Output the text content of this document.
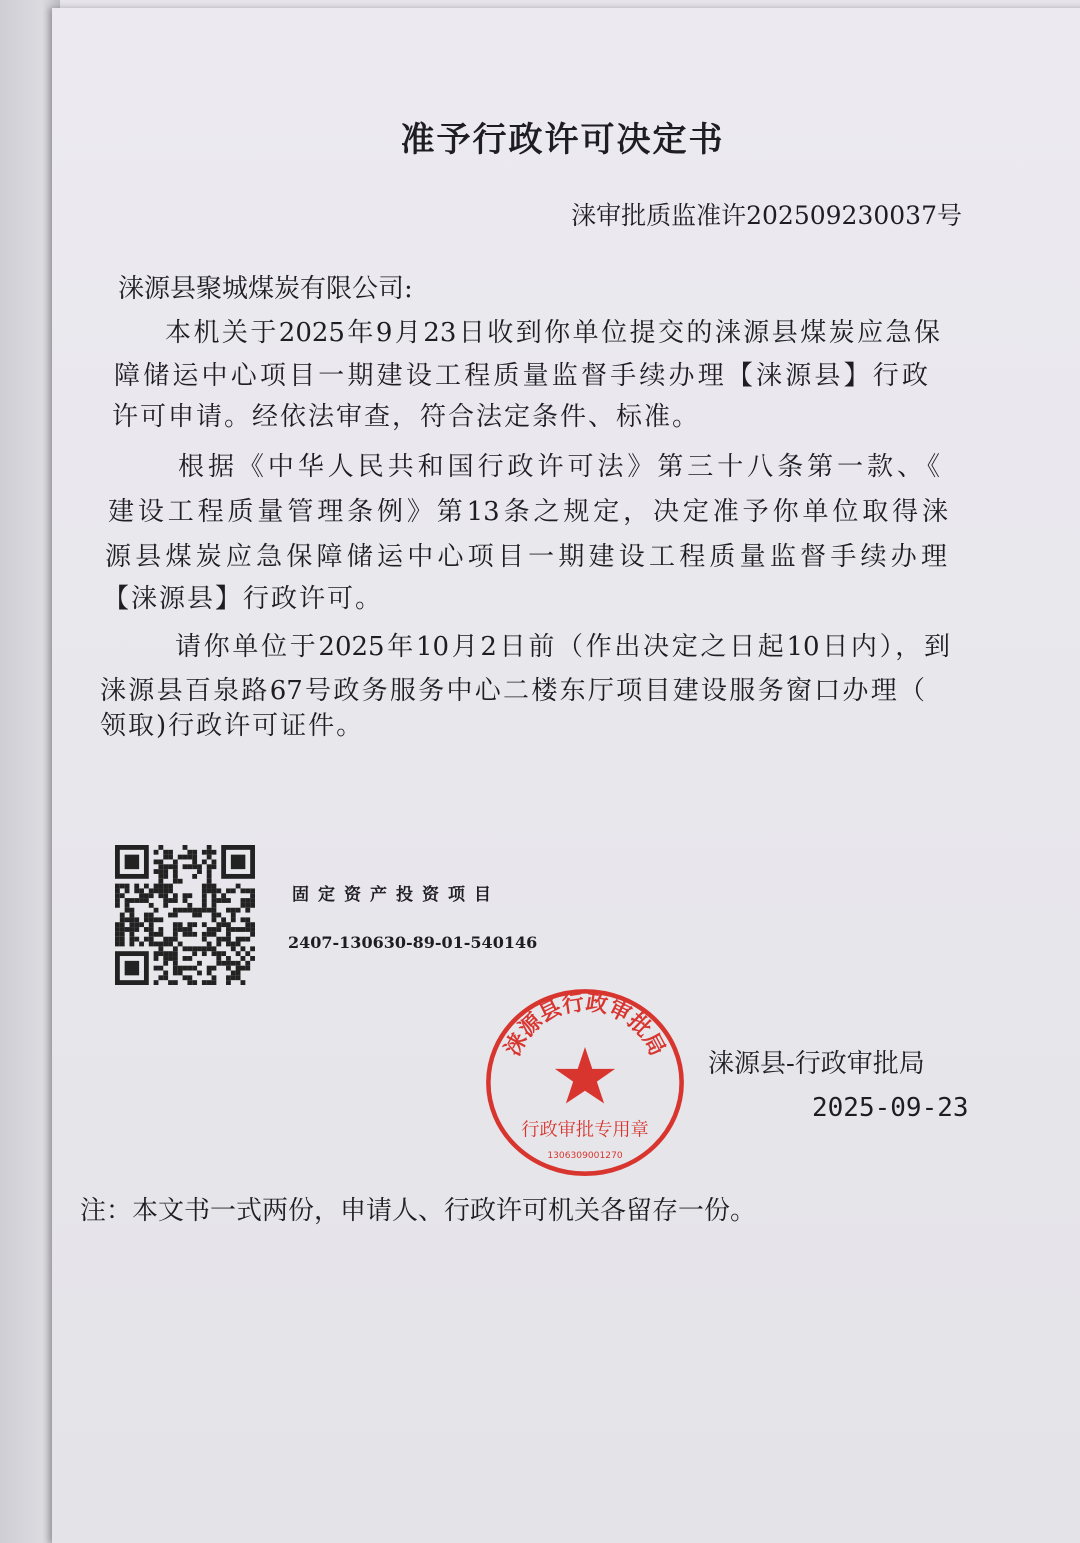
准予行政许可决定书
涞审批质监准许202509230037号
涞源县聚城煤炭有限公司:
本机关于2025年9月23日收到你单位提交的涞源县煤炭应急保
障储运中心项目一期建设工程质量监督手续办理【涞源县】行政
许可申请。经依法审查，符合法定条件、标准。
根据《中华人民共和国行政许可法》第三十八条第一款、《
建设工程质量管理条例》第13条之规定，决定准予你单位取得涞
源县煤炭应急保障储运中心项目一期建设工程质量监督手续办理
【涞源县】行政许可。
请你单位于2025年10月2日前（作出决定之日起10日内），到
涞源县百泉路67号政务服务中心二楼东厅项目建设服务窗口办理（
领取)行政许可证件。
固定资产投资项目
2407-130630-89-01-540146
涞源县行政审批局
行政审批专用章
1306309001270
涞源县-行政审批局
2025-09-23
注：本文书一式两份，申请人、行政许可机关各留存一份。
